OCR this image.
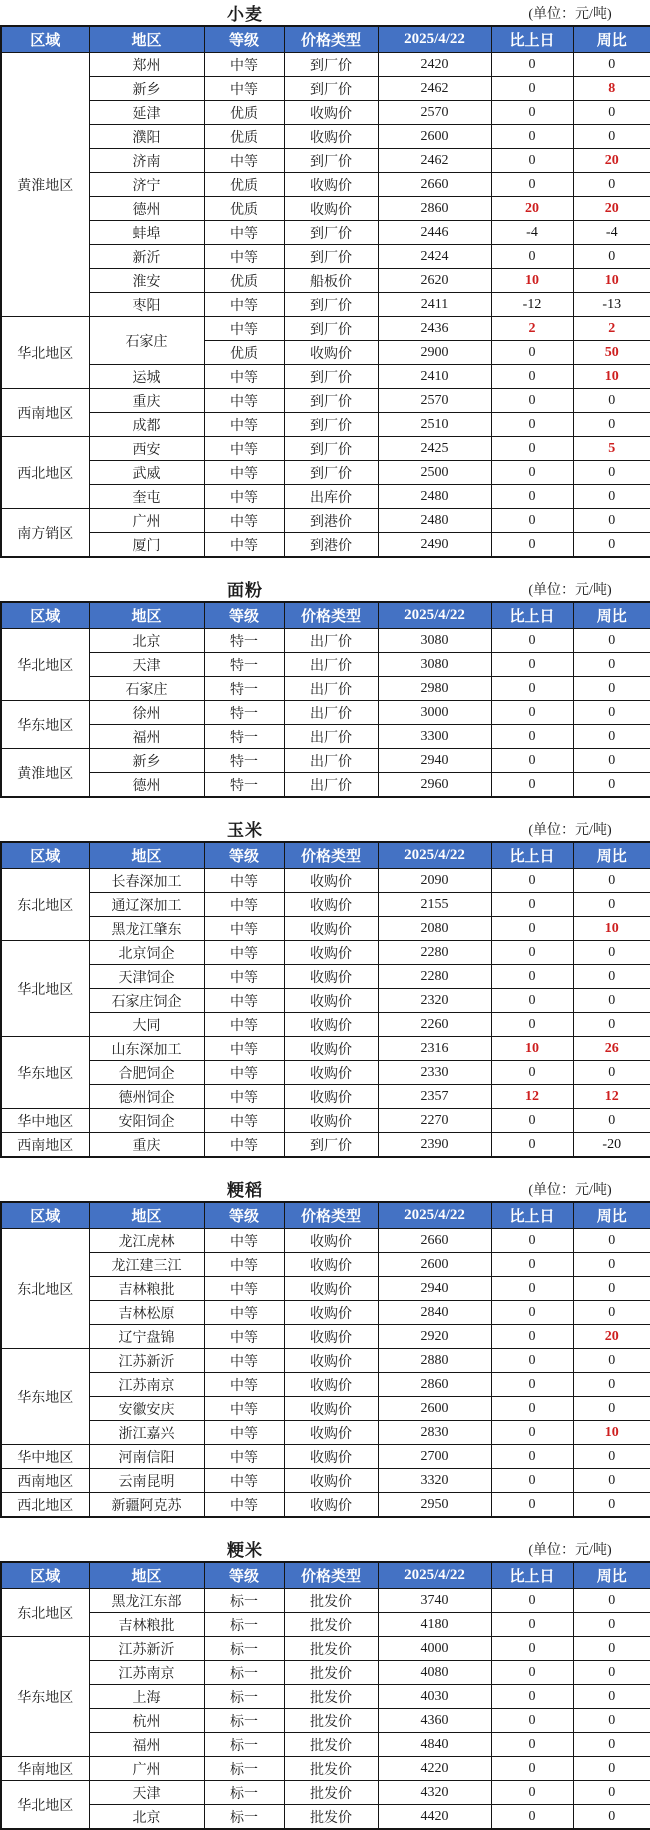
小麦	(单位：元/吨)
区域	地区	等级	价格类型	2025/4/22	比上日	周比
黄淮地区	郑州	中等	到厂价	2420	0	0
	新乡	中等	到厂价	2462	0	8
	延津	优质	收购价	2570	0	0
	濮阳	优质	收购价	2600	0	0
	济南	中等	到厂价	2462	0	20
	济宁	优质	收购价	2660	0	0
	德州	优质	收购价	2860	20	20
	蚌埠	中等	到厂价	2446	-4	-4
	新沂	中等	到厂价	2424	0	0
	淮安	优质	船板价	2620	10	10
	枣阳	中等	到厂价	2411	-12	-13
华北地区	石家庄	中等	到厂价	2436	2	2
		优质	收购价	2900	0	50
	运城	中等	到厂价	2410	0	10
西南地区	重庆	中等	到厂价	2570	0	0
	成都	中等	到厂价	2510	0	0
西北地区	西安	中等	到厂价	2425	0	5
	武威	中等	到厂价	2500	0	0
	奎屯	中等	出库价	2480	0	0
南方销区	广州	中等	到港价	2480	0	0
	厦门	中等	到港价	2490	0	0
面粉	(单位：元/吨)
区域	地区	等级	价格类型	2025/4/22	比上日	周比
华北地区	北京	特一	出厂价	3080	0	0
	天津	特一	出厂价	3080	0	0
	石家庄	特一	出厂价	2980	0	0
华东地区	徐州	特一	出厂价	3000	0	0
	福州	特一	出厂价	3300	0	0
黄淮地区	新乡	特一	出厂价	2940	0	0
	德州	特一	出厂价	2960	0	0
玉米	(单位：元/吨)
区域	地区	等级	价格类型	2025/4/22	比上日	周比
东北地区	长春深加工	中等	收购价	2090	0	0
	通辽深加工	中等	收购价	2155	0	0
	黑龙江肇东	中等	收购价	2080	0	10
华北地区	北京饲企	中等	收购价	2280	0	0
	天津饲企	中等	收购价	2280	0	0
	石家庄饲企	中等	收购价	2320	0	0
	大同	中等	收购价	2260	0	0
华东地区	山东深加工	中等	收购价	2316	10	26
	合肥饲企	中等	收购价	2330	0	0
	德州饲企	中等	收购价	2357	12	12
华中地区	安阳饲企	中等	收购价	2270	0	0
西南地区	重庆	中等	到厂价	2390	0	-20
粳稻	(单位：元/吨)
区域	地区	等级	价格类型	2025/4/22	比上日	周比
东北地区	龙江虎林	中等	收购价	2660	0	0
	龙江建三江	中等	收购价	2600	0	0
	吉林粮批	中等	收购价	2940	0	0
	吉林松原	中等	收购价	2840	0	0
	辽宁盘锦	中等	收购价	2920	0	20
华东地区	江苏新沂	中等	收购价	2880	0	0
	江苏南京	中等	收购价	2860	0	0
	安徽安庆	中等	收购价	2600	0	0
	浙江嘉兴	中等	收购价	2830	0	10
华中地区	河南信阳	中等	收购价	2700	0	0
西南地区	云南昆明	中等	收购价	3320	0	0
西北地区	新疆阿克苏	中等	收购价	2950	0	0
粳米	(单位：元/吨)
区域	地区	等级	价格类型	2025/4/22	比上日	周比
东北地区	黑龙江东部	标一	批发价	3740	0	0
	吉林粮批	标一	批发价	4180	0	0
华东地区	江苏新沂	标一	批发价	4000	0	0
	江苏南京	标一	批发价	4080	0	0
	上海	标一	批发价	4030	0	0
	杭州	标一	批发价	4360	0	0
	福州	标一	批发价	4840	0	0
华南地区	广州	标一	批发价	4220	0	0
华北地区	天津	标一	批发价	4320	0	0
	北京	标一	批发价	4420	0	0
